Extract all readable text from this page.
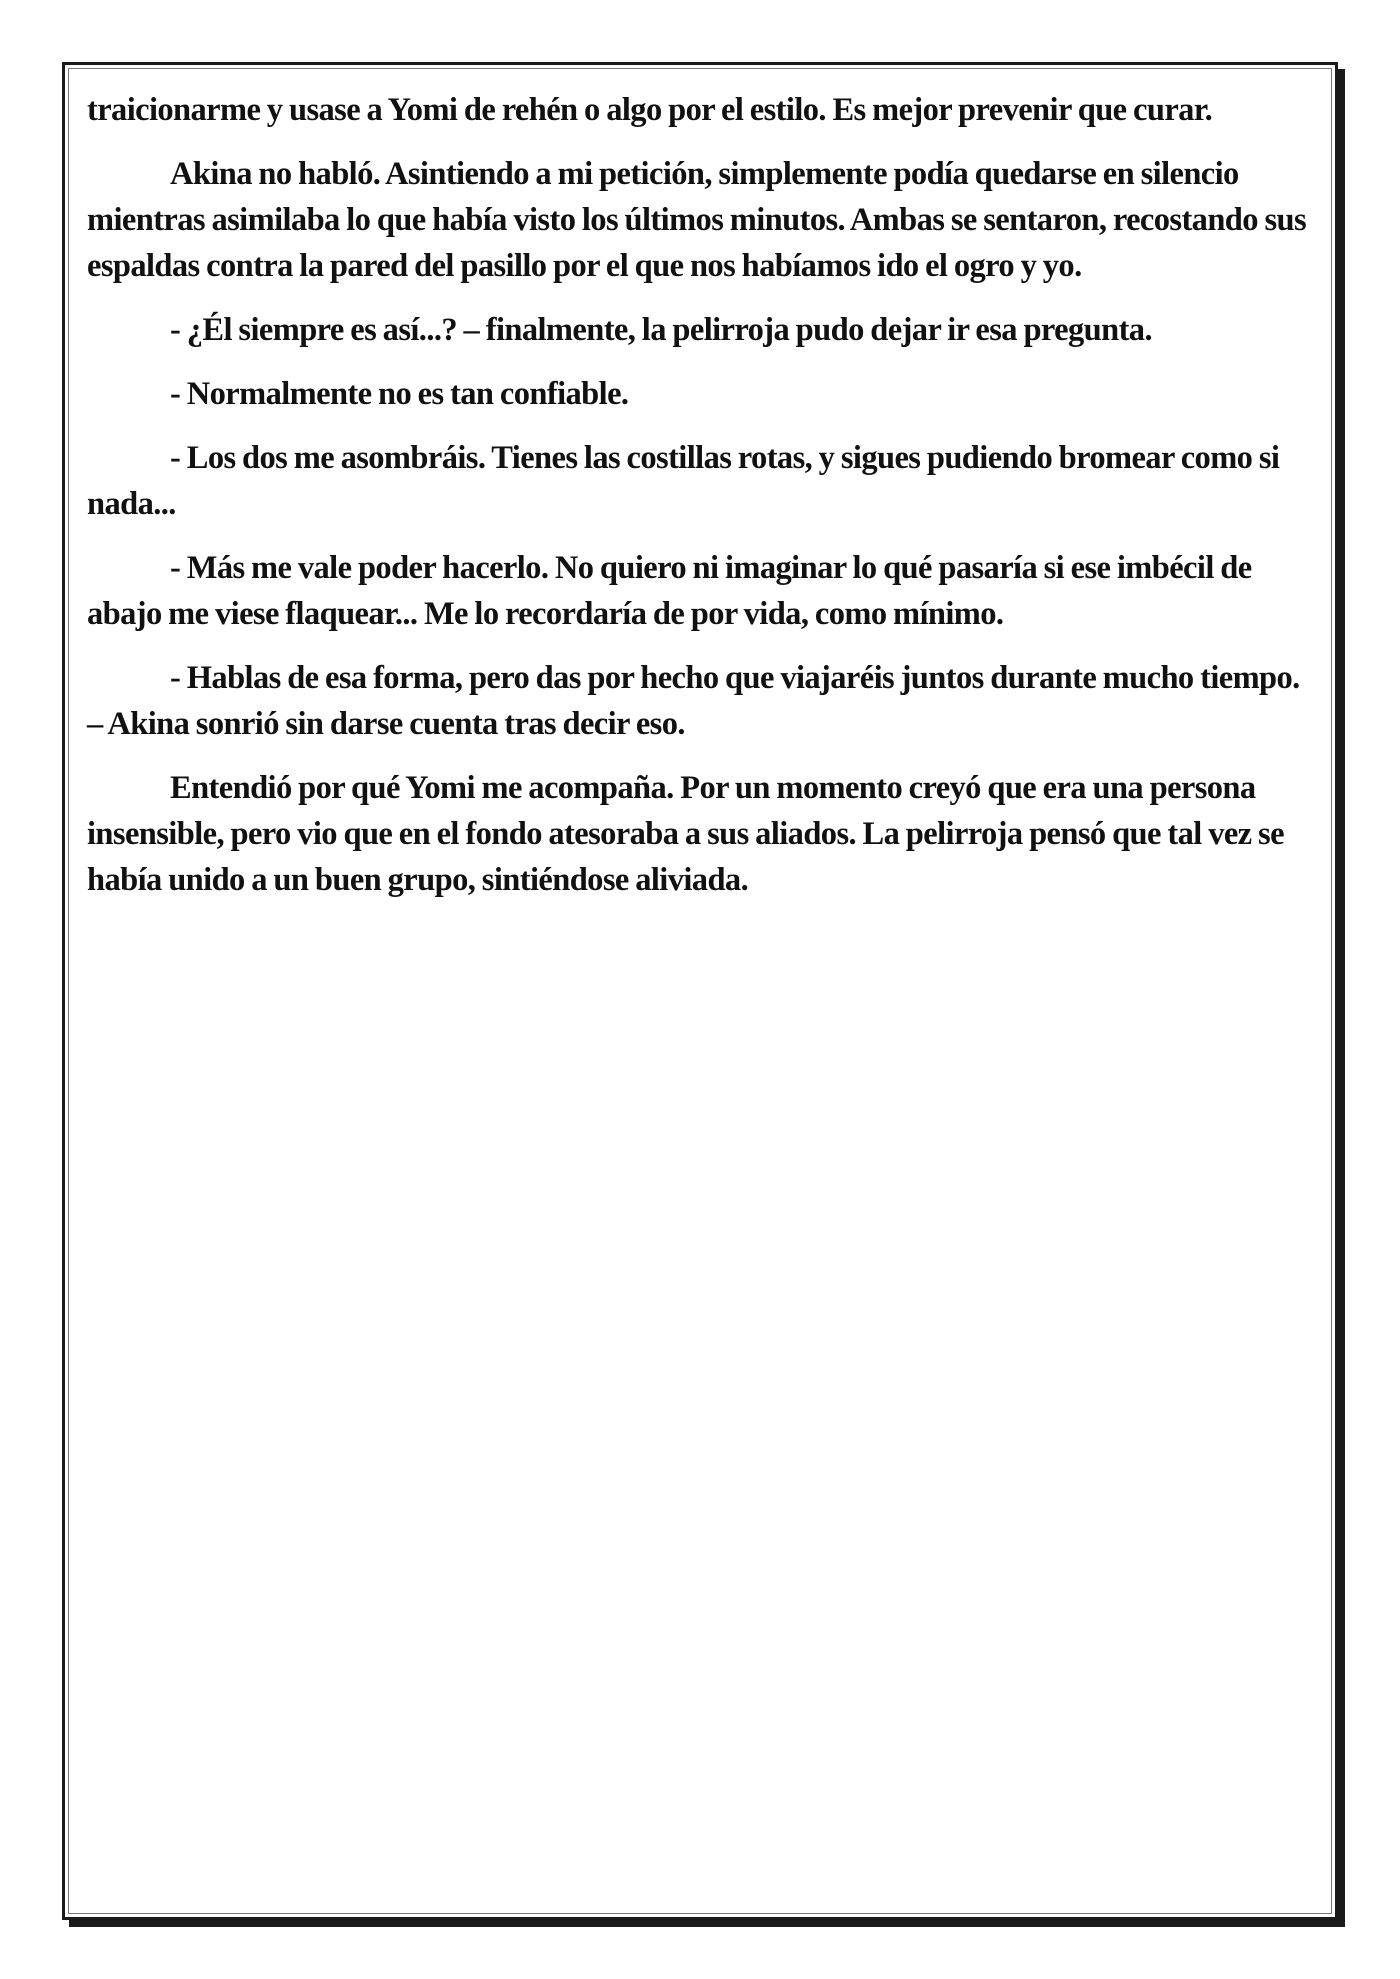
traicionarme y usase a Yomi de rehén o algo por el estilo. Es mejor prevenir que curar.

Akina no habló. Asintiendo a mi petición, simplemente podía quedarse en silencio mientras asimilaba lo que había visto los últimos minutos. Ambas se sentaron, recostando sus espaldas contra la pared del pasillo por el que nos habíamos ido el ogro y yo.

- ¿Él siempre es así...? – finalmente, la pelirroja pudo dejar ir esa pregunta.

- Normalmente no es tan confiable.

- Los dos me asombráis. Tienes las costillas rotas, y sigues pudiendo bromear como si nada...

- Más me vale poder hacerlo. No quiero ni imaginar lo qué pasaría si ese imbécil de abajo me viese flaquear... Me lo recordaría de por vida, como mínimo.

- Hablas de esa forma, pero das por hecho que viajaréis juntos durante mucho tiempo. – Akina sonrió sin darse cuenta tras decir eso.

Entendió por qué Yomi me acompaña. Por un momento creyó que era una persona insensible, pero vio que en el fondo atesoraba a sus aliados. La pelirroja pensó que tal vez se había unido a un buen grupo, sintiéndose aliviada.
